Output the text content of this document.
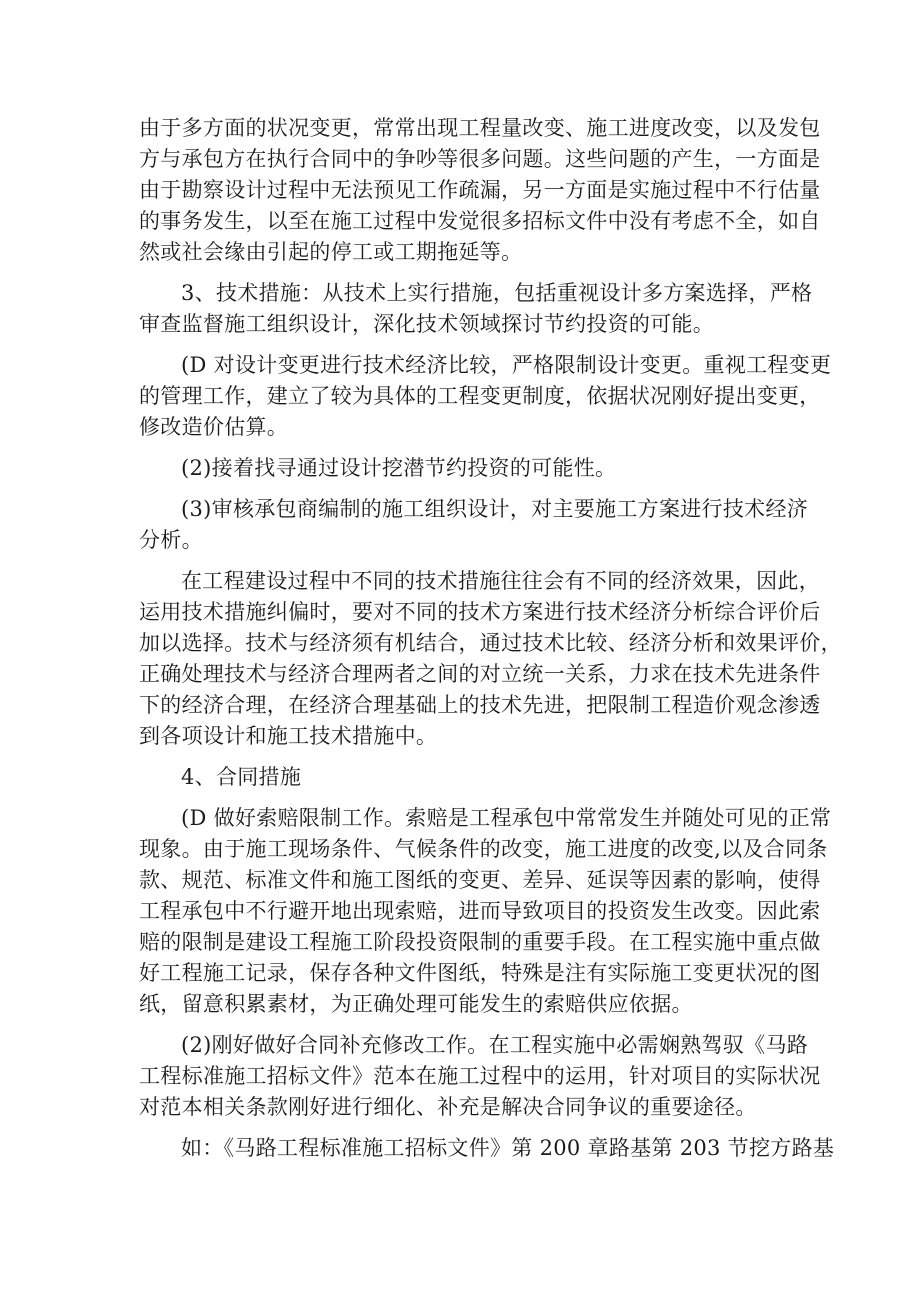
由于多方面的状况变更，常常出现工程量改变、施工进度改变，以及发包
方与承包方在执行合同中的争吵等很多问题。这些问题的产生，一方面是
由于勘察设计过程中无法预见工作疏漏，另一方面是实施过程中不行估量
的事务发生，以至在施工过程中发觉很多招标文件中没有考虑不全，如自
然或社会缘由引起的停工或工期拖延等。
3、技术措施：从技术上实行措施，包括重视设计多方案选择，严格
审查监督施工组织设计，深化技术领域探讨节约投资的可能。
(D 对设计变更进行技术经济比较，严格限制设计变更。重视工程变更
的管理工作，建立了较为具体的工程变更制度，依据状况刚好提出变更，
修改造价估算。
(2)接着找寻通过设计挖潜节约投资的可能性。
(3)审核承包商编制的施工组织设计，对主要施工方案进行技术经济
分析。
在工程建设过程中不同的技术措施往往会有不同的经济效果，因此，
运用技术措施纠偏时，要对不同的技术方案进行技术经济分析综合评价后
加以选择。技术与经济须有机结合，通过技术比较、经济分析和效果评价，
正确处理技术与经济合理两者之间的对立统一关系，力求在技术先进条件
下的经济合理，在经济合理基础上的技术先进，把限制工程造价观念渗透
到各项设计和施工技术措施中。
4、合同措施
(D 做好索赔限制工作。索赔是工程承包中常常发生并随处可见的正常
现象。由于施工现场条件、气候条件的改变，施工进度的改变,以及合同条
款、规范、标准文件和施工图纸的变更、差异、延误等因素的影响，使得
工程承包中不行避开地出现索赔，进而导致项目的投资发生改变。因此索
赔的限制是建设工程施工阶段投资限制的重要手段。在工程实施中重点做
好工程施工记录，保存各种文件图纸，特殊是注有实际施工变更状况的图
纸，留意积累素材，为正确处理可能发生的索赔供应依据。
(2)刚好做好合同补充修改工作。在工程实施中必需娴熟驾驭《马路
工程标准施工招标文件》范本在施工过程中的运用，针对项目的实际状况
对范本相关条款刚好进行细化、补充是解决合同争议的重要途径。
如：《马路工程标准施工招标文件》第 200 章路基第 203 节挖方路基
